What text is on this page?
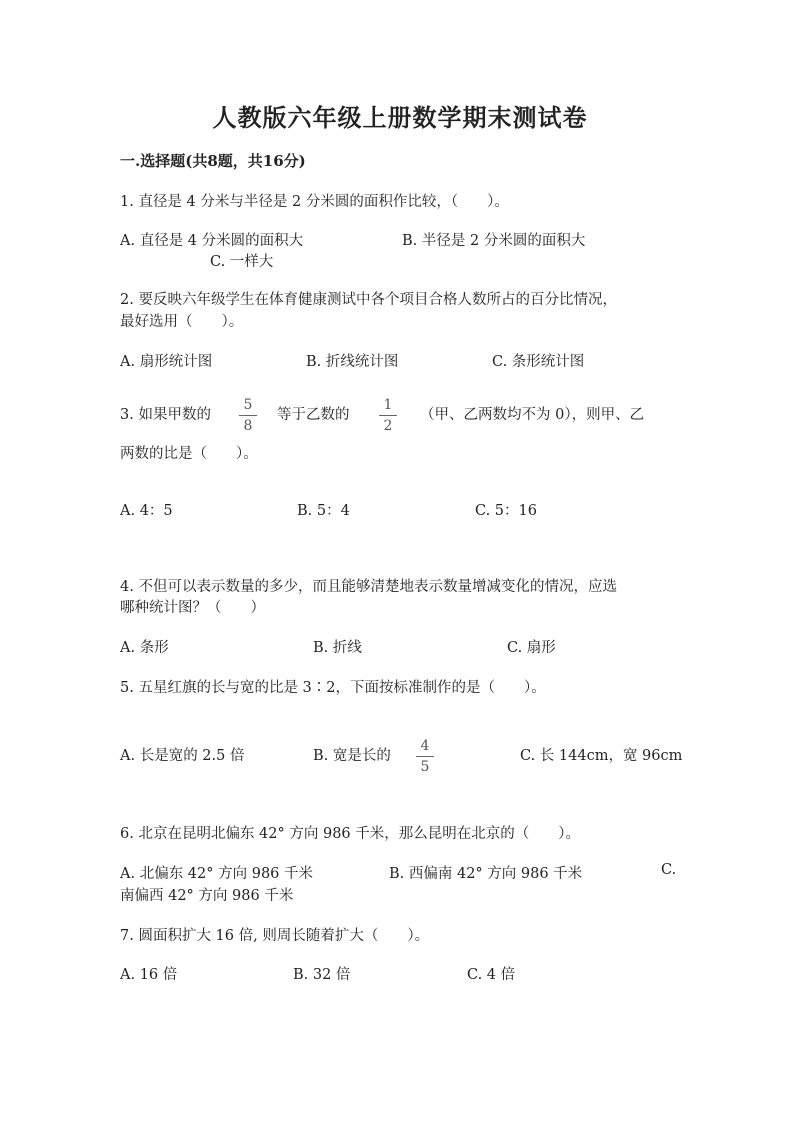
人教版六年级上册数学期末测试卷
一.选择题(共8题，共16分)
1. 直径是 4 分米与半径是 2 分米圆的面积作比较，（　　）。
A. 直径是 4 分米圆的面积大	B. 半径是 2 分米圆的面积大
C. 一样大
2. 要反映六年级学生在体育健康测试中各个项目合格人数所占的百分比情况，
最好选用（　　）。
A. 扇形统计图	B. 折线统计图	C. 条形统计图
3. 如果甲数的
5
8
等于乙数的
1
2
（甲、乙两数均不为 0），则甲、乙
两数的比是（　　）。
A. 4：5	B. 5：4	C. 5：16
4. 不但可以表示数量的多少，而且能够清楚地表示数量增减变化的情况，应选
哪种统计图？（　　）
A. 条形	B. 折线	C. 扇形
5. 五星红旗的长与宽的比是 3∶2，下面按标准制作的是（　　）。
A. 长是宽的 2.5 倍	B. 宽是长的
4
5
C. 长 144cm，宽 96cm
6. 北京在昆明北偏东 42° 方向 986 千米，那么昆明在北京的（　　）。
A. 北偏东 42° 方向 986 千米	B. 西偏南 42° 方向 986 千米	C.
南偏西 42° 方向 986 千米
7. 圆面积扩大 16 倍, 则周长随着扩大（　　）。
A. 16 倍	B. 32 倍	C. 4 倍
